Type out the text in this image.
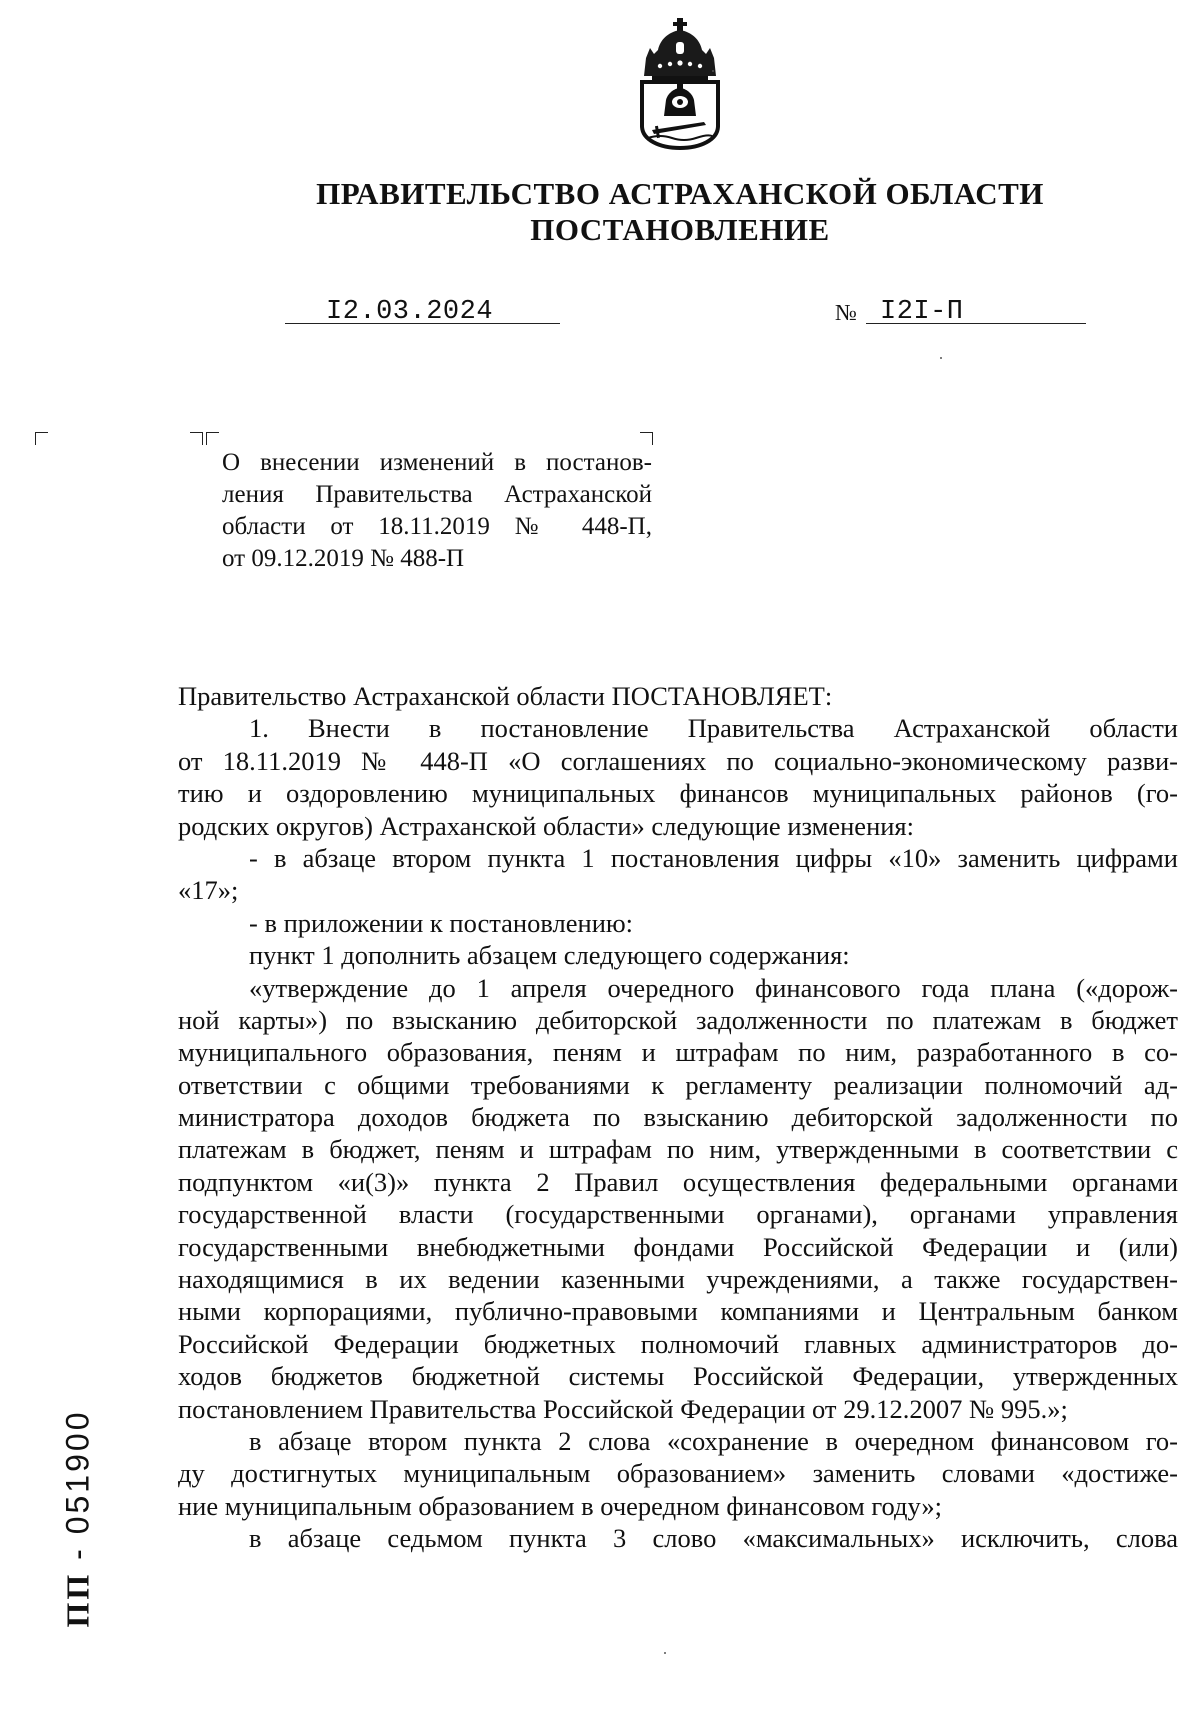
ПРАВИТЕЛЬСТВО АСТРАХАНСКОЙ ОБЛАСТИ
ПОСТАНОВЛЕНИЕ
I2.03.2024	№ I2I-П
О внесении изменений в постанов-
ления Правительства Астраханской
области от 18.11.2019 № 448-П,
от 09.12.2019 № 488-П
Правительство Астраханской области ПОСТАНОВЛЯЕТ:
1. Внести в постановление Правительства Астраханской области
от 18.11.2019 № 448-П «О соглашениях по социально-экономическому разви-
тию и оздоровлению муниципальных финансов муниципальных районов (го-
родских округов) Астраханской области» следующие изменения:
- в абзаце втором пункта 1 постановления цифры «10» заменить цифрами
«17»;
- в приложении к постановлению:
пункт 1 дополнить абзацем следующего содержания:
«утверждение до 1 апреля очередного финансового года плана («дорож-
ной карты») по взысканию дебиторской задолженности по платежам в бюджет
муниципального образования, пеням и штрафам по ним, разработанного в со-
ответствии с общими требованиями к регламенту реализации полномочий ад-
министратора доходов бюджета по взысканию дебиторской задолженности по
платежам в бюджет, пеням и штрафам по ним, утвержденными в соответствии с
подпунктом «и(3)» пункта 2 Правил осуществления федеральными органами
государственной власти (государственными органами), органами управления
государственными внебюджетными фондами Российской Федерации и (или)
находящимися в их ведении казенными учреждениями, а также государствен-
ными корпорациями, публично-правовыми компаниями и Центральным банком
Российской Федерации бюджетных полномочий главных администраторов до-
ходов бюджетов бюджетной системы Российской Федерации, утвержденных
постановлением Правительства Российской Федерации от 29.12.2007 № 995.»;
в абзаце втором пункта 2 слова «сохранение в очередном финансовом го-
ду достигнутых муниципальным образованием» заменить словами «достиже-
ние муниципальным образованием в очередном финансовом году»;
в абзаце седьмом пункта 3 слово «максимальных» исключить, слова
ПП - 051900
